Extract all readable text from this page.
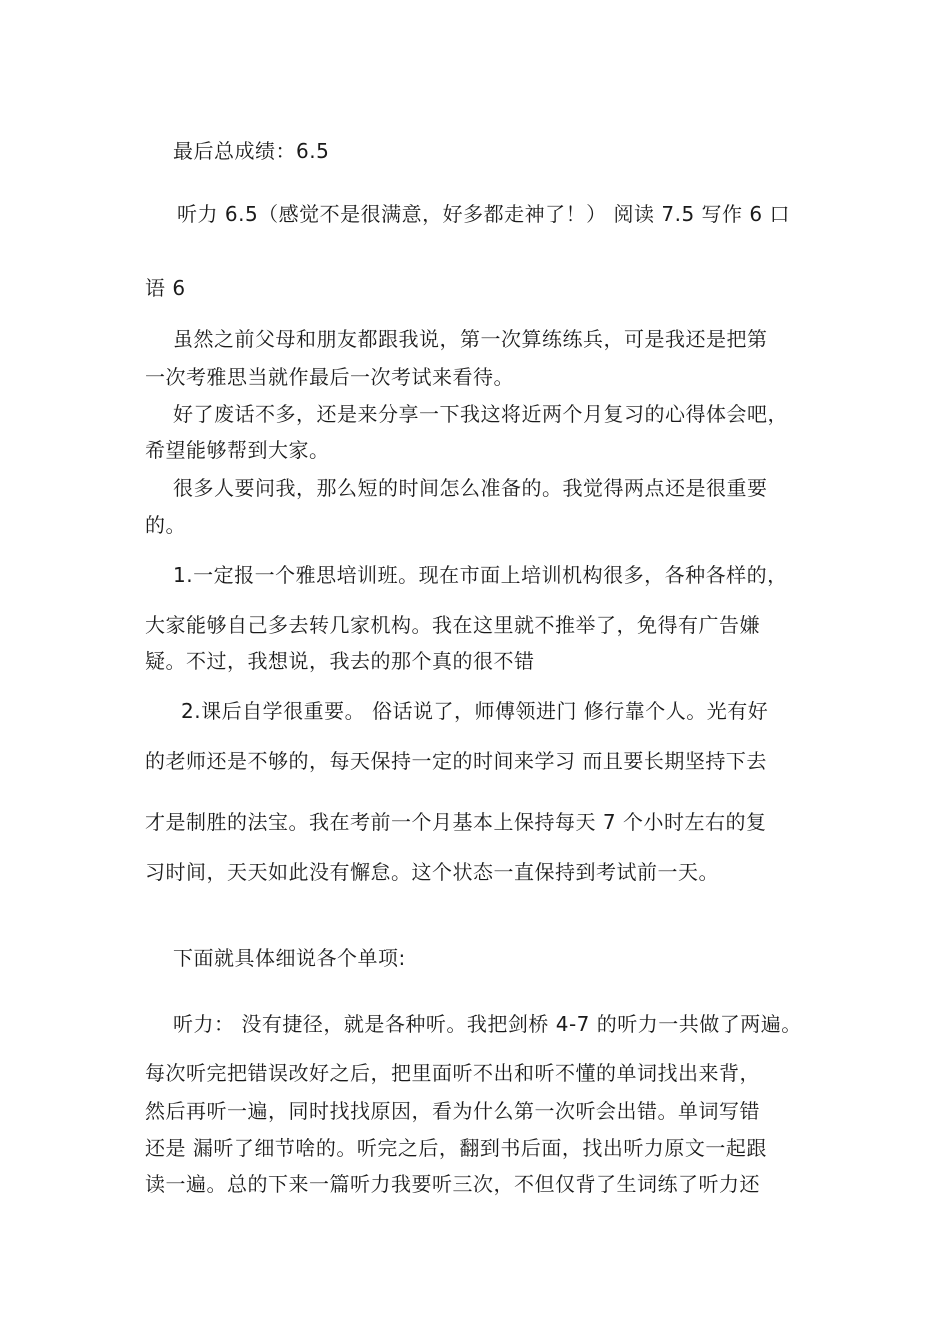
最后总成绩：6.5
听力 6.5（感觉不是很满意，好多都走神了！） 阅读 7.5 写作 6 口
语 6
虽然之前父母和朋友都跟我说，第一次算练练兵，可是我还是把第
一次考雅思当就作最后一次考试来看待。
好了废话不多，还是来分享一下我这将近两个月复习的心得体会吧，
希望能够帮到大家。
很多人要问我，那么短的时间怎么准备的。我觉得两点还是很重要
的。
1.一定报一个雅思培训班。现在市面上培训机构很多，各种各样的，
大家能够自己多去转几家机构。我在这里就不推举了，免得有广告嫌
疑。不过，我想说，我去的那个真的很不错
2.课后自学很重要。 俗话说了，师傅领进门 修行靠个人。光有好
的老师还是不够的，每天保持一定的时间来学习 而且要长期坚持下去
才是制胜的法宝。我在考前一个月基本上保持每天 7 个小时左右的复
习时间，天天如此没有懈怠。这个状态一直保持到考试前一天。
下面就具体细说各个单项:
听力： 没有捷径，就是各种听。我把剑桥 4-7 的听力一共做了两遍。
每次听完把错误改好之后，把里面听不出和听不懂的单词找出来背，
然后再听一遍，同时找找原因，看为什么第一次听会出错。单词写错
还是 漏听了细节啥的。听完之后，翻到书后面，找出听力原文一起跟
读一遍。总的下来一篇听力我要听三次，不但仅背了生词练了听力还
